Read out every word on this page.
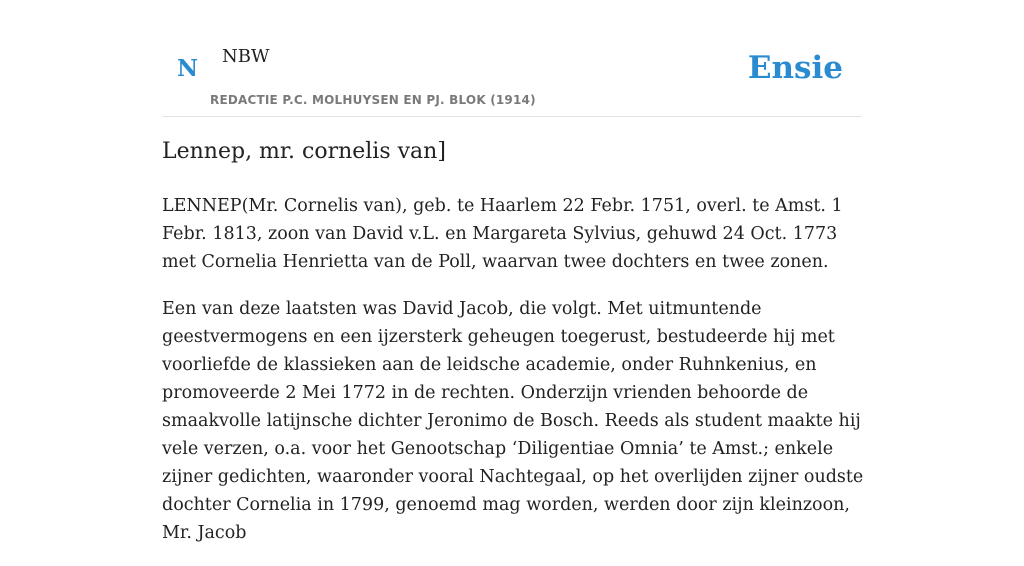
N NBW
REDACTIE P.C. MOLHUYSEN EN PJ. BLOK (1914)
Ensie
Lennep, mr. cornelis van]

LENNEP(Mr. Cornelis van), geb. te Haarlem 22 Febr. 1751, overl. te Amst. 1 Febr. 1813, zoon van David v.L. en Margareta Sylvius, gehuwd 24 Oct. 1773 met Cornelia Henrietta van de Poll, waarvan twee dochters en twee zonen.

Een van deze laatsten was David Jacob, die volgt. Met uitmuntende geestvermogens en een ijzersterk geheugen toegerust, bestudeerde hij met voorliefde de klassieken aan de leidsche academie, onder Ruhnkenius, en promoveerde 2 Mei 1772 in de rechten. Onderzijn vrienden behoorde de smaakvolle latijnsche dichter Jeronimo de Bosch. Reeds als student maakte hij vele verzen, o.a. voor het Genootschap ‘Diligentiae Omnia’ te Amst.; enkele zijner gedichten, waaronder vooral Nachtegaal, op het overlijden zijner oudste dochter Cornelia in 1799, genoemd mag worden, werden door zijn kleinzoon, Mr. Jacob
